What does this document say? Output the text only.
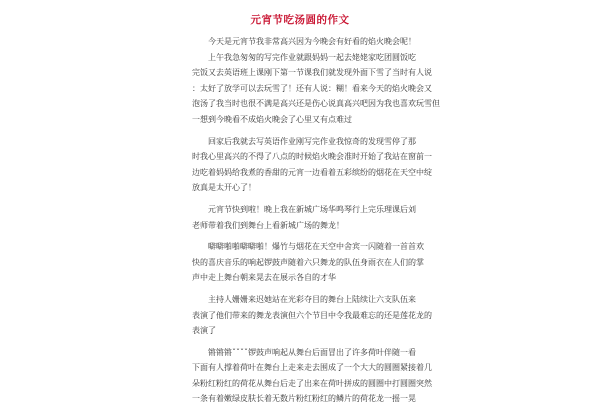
元宵节吃汤圆的作文
　　今天是元宵节我非常高兴因为今晚会有好看的焰火晚会呢！
　　上午我急匆匆的写完作业就跟妈妈一起去姥姥家吃团圆饭吃
完饭又去英语班上课刚下第一节课我们就发现外面下雪了当时有人说
：太好了放学可以去玩雪了！还有人说：糊！看来今天的焰火晚会又
泡汤了我当时也很不满是高兴还是伤心说真高兴吧因为我也喜欢玩雪但
一想到今晚看不成焰火晚会了心里又有点难过
　　回家后我就去写英语作业刚写完作业我惊奇的发现雪停了那
时我心里高兴的不得了八点的时候焰火晚会准时开始了我站在窗前一
边吃着妈妈给我煮的香甜的元宵一边看着五彩缤纷的烟花在天空中绽
放真是太开心了！
　　元宵节快到啦！晚上我在新城广场华鸣琴行上完乐理课后刘
老师带着我们到舞台上看新城广场的舞龙！
　　噼噼啪啪噼噼啪！爆竹与烟花在天空中舍宾一闪随着一首首欢
快的喜庆音乐的响起锣鼓声随着六只舞龙的队伍身雨衣在人们的掌
声中走上舞台朝来晃去在展示各自的才华
　　主持人姗姗来迟她站在光彩夺目的舞台上陆续让六支队伍来
表演了他们带来的舞龙表演但六个节目中令我最难忘的还是莲花龙的
表演了
　　锵锵锵ˇˇˇˇ锣鼓声响起从舞台后面冒出了许多荷叶伴随一看
下面有人撑着荷叶在舞台上走来走去围成了一个大大的圆圈紧接着几
朵粉红粉红的荷花从舞台后走了出来在荷叶拼成的圆圈中打圆圈突然
一条有着嫩绿皮肤长着无数片粉红粉红的鳞片的荷花龙一摇一晃
